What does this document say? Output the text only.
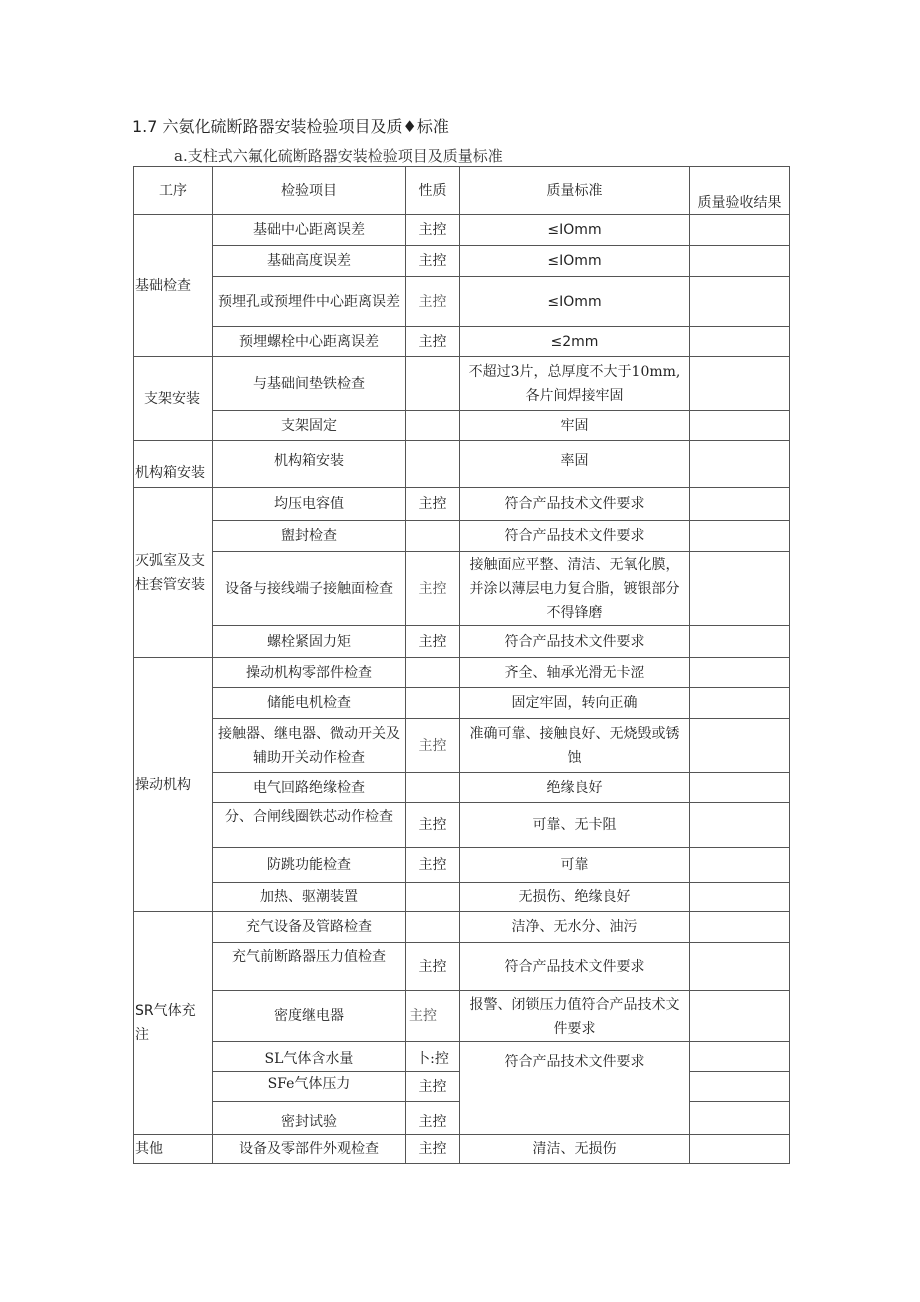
1.7 六氨化硫断路器安装检验项目及质♦标准
a.支柱式六氟化硫断路器安装检验项目及质量标准
工序	检验项目	性质	质量标准	质量验收结果
基础检查	基础中心距离误差	主控	≤IOmm	
	基础高度误差	主控	≤IOmm	
	预埋孔或预埋件中心距离误差	主控	≤IOmm	
	预埋螺栓中心距离误差	主控	≤2mm	
支架安装	与基础间垫铁检查		不超过3片，总厚度不大于10mm,各片间焊接牢固	
	支架固定		牢固	
机构箱安装	机构箱安装		率固	
灭弧室及支柱套管安装	均压电容值	主控	符合产品技术文件要求	
	盥封检查		符合产品技术文件要求	
	设备与接线端子接触面检查	主控	接触面应平整、清洁、无氧化膜，并涂以薄层电力复合脂，镀银部分不得锋磨	
	螺栓紧固力矩	主控	符合产品技术文件要求	
操动机构	操动机构零部件检查		齐全、轴承光滑无卡涩	
	储能电机检查		固定牢固，转向正确	
	接触器、继电器、微动开关及辅助开关动作检查	主控	准确可靠、接触良好、无烧毁或锈蚀	
	电气回路绝缘检查		绝缘良好	
	分、合闸线圈铁芯动作检查	主控	可靠、无卡阻	
	防跳功能检查	主控	可靠	
	加热、驱潮装置		无损伤、绝缘良好	
SR气体充注	充气设备及管路检查		洁净、无水分、油污	
	充气前断路器压力值检查	主控	符合产品技术文件要求	
	密度继电器	主控	报警、闭锁压力值符合产品技术文件要求	
	SL气体含水量	卜:控	符合产品技术文件要求	
	SFe气体压力	主控		
	密封试验	主控		
其他	设备及零部件外观检查	主控	清洁、无损伤	
